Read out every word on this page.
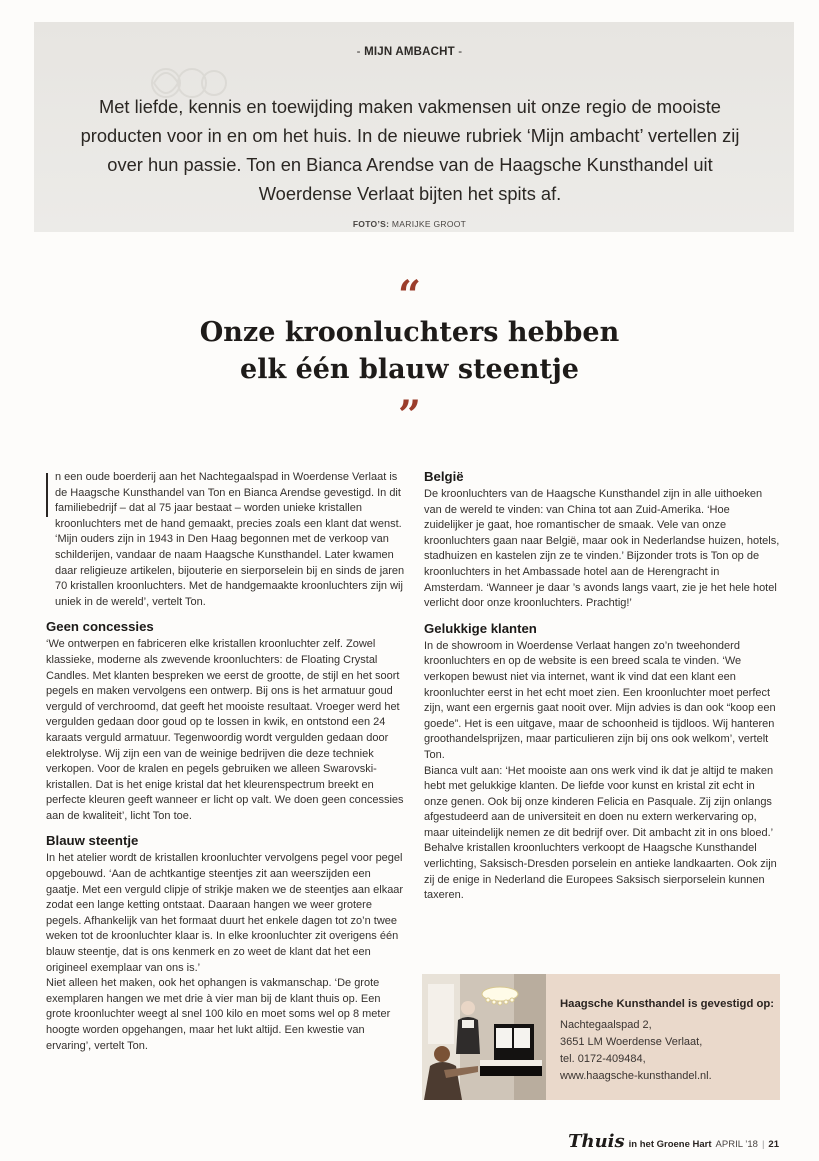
- MIJN AMBACHT -

Met liefde, kennis en toewijding maken vakmensen uit onze regio de mooiste producten voor in en om het huis. In de nieuwe rubriek ‘Mijn ambacht’ vertellen zij over hun passie. Ton en Bianca Arendse van de Haagsche Kunsthandel uit Woerdense Verlaat bijten het spits af.

FOTO’S: MARIJKE GROOT
“
Onze kroonluchters hebben
elk één blauw steentje
”

n een oude boerderij aan het Nachtegaalspad in Woerdense Verlaat is de Haagsche Kunsthandel van Ton en Bianca Arendse gevestigd. In dit familiebedrijf – dat al 75 jaar bestaat – worden unieke kristallen kroonluchters met de hand gemaakt, precies zoals een klant dat wenst. ‘Mijn ouders zijn in 1943 in Den Haag begonnen met de verkoop van schilderijen, vandaar de naam Haagsche Kunsthandel. Later kwamen daar religieuze artikelen, bijouterie en sierporselein bij en sinds de jaren 70 kristallen kroonluchters. Met de handgemaakte kroonluchters zijn wij uniek in de wereld’, vertelt Ton.

Geen concessies

‘We ontwerpen en fabriceren elke kristallen kroonluchter zelf. Zowel klassieke, moderne als zwevende kroonluchters: de Floating Crystal Candles. Met klanten bespreken we eerst de grootte, de stijl en het soort pegels en maken vervolgens een ontwerp. Bij ons is het armatuur goud verguld of verchroomd, dat geeft het mooiste resultaat. Vroeger werd het vergulden gedaan door goud op te lossen in kwik, en ontstond een 24 karaats verguld armatuur. Tegenwoordig wordt vergulden gedaan door elektrolyse. Wij zijn een van de weinige bedrijven die deze techniek verkopen. Voor de kralen en pegels gebruiken we alleen Swarovski-kristallen. Dat is het enige kristal dat het kleurenspectrum breekt en perfecte kleuren geeft wanneer er licht op valt. We doen geen concessies aan de kwaliteit’, licht Ton toe.

Blauw steentje

In het atelier wordt de kristallen kroonluchter vervolgens pegel voor pegel opgebouwd. ‘Aan de achtkantige steentjes zit aan weerszijden een gaatje. Met een verguld clipje of strikje maken we de steentjes aan elkaar zodat een lange ketting ontstaat. Daaraan hangen we weer grotere pegels. Afhankelijk van het formaat duurt het enkele dagen tot zo’n twee weken tot de kroonluchter klaar is. In elke kroonluchter zit overigens één blauw steentje, dat is ons kenmerk en zo weet de klant dat het een origineel exemplaar van ons is.’

Niet alleen het maken, ook het ophangen is vakmanschap. ‘De grote exemplaren hangen we met drie à vier man bij de klant thuis op. Een grote kroonluchter weegt al snel 100 kilo en moet soms wel op 8 meter hoogte worden opgehangen, maar het lukt altijd. Een kwestie van ervaring’, vertelt Ton.

België

De kroonluchters van de Haagsche Kunsthandel zijn in alle uithoeken van de wereld te vinden: van China tot aan Zuid-Amerika. ‘Hoe zuidelijker je gaat, hoe romantischer de smaak. Vele van onze kroonluchters gaan naar België, maar ook in Nederlandse huizen, hotels, stadhuizen en kastelen zijn ze te vinden.’ Bijzonder trots is Ton op de kroonluchters in het Ambassade hotel aan de Herengracht in Amsterdam. ‘Wanneer je daar ’s avonds langs vaart, zie je het hele hotel verlicht door onze kroonluchters. Prachtig!’

Gelukkige klanten

In de showroom in Woerdense Verlaat hangen zo’n tweehonderd kroonluchters en op de website is een breed scala te vinden. ‘We verkopen bewust niet via internet, want ik vind dat een klant een kroonluchter eerst in het echt moet zien. Een kroonluchter moet perfect zijn, want een ergernis gaat nooit over. Mijn advies is dan ook “koop een goede”. Het is een uitgave, maar de schoonheid is tijdloos. Wij hanteren groothandelsprijzen, maar particulieren zijn bij ons ook welkom’, vertelt Ton.

Bianca vult aan: ‘Het mooiste aan ons werk vind ik dat je altijd te maken hebt met gelukkige klanten. De liefde voor kunst en kristal zit echt in onze genen. Ook bij onze kinderen Felicia en Pasquale. Zij zijn onlangs afgestudeerd aan de universiteit en doen nu extern werkervaring op, maar uiteindelijk nemen ze dit bedrijf over. Dit ambacht zit in ons bloed.’

Behalve kristallen kroonluchters verkoopt de Haagsche Kunsthandel verlichting, Saksisch-Dresden porselein en antieke landkaarten. Ook zijn zij de enige in Nederland die Europees Saksisch sierporselein kunnen taxeren.

Haagsche Kunsthandel is gevestigd op:
Nachtegaalspad 2,
3651 LM Woerdense Verlaat,
tel. 0172-409484,
www.haagsche-kunsthandel.nl.
Thuis in het Groene Hart APRIL ’18 | 21
